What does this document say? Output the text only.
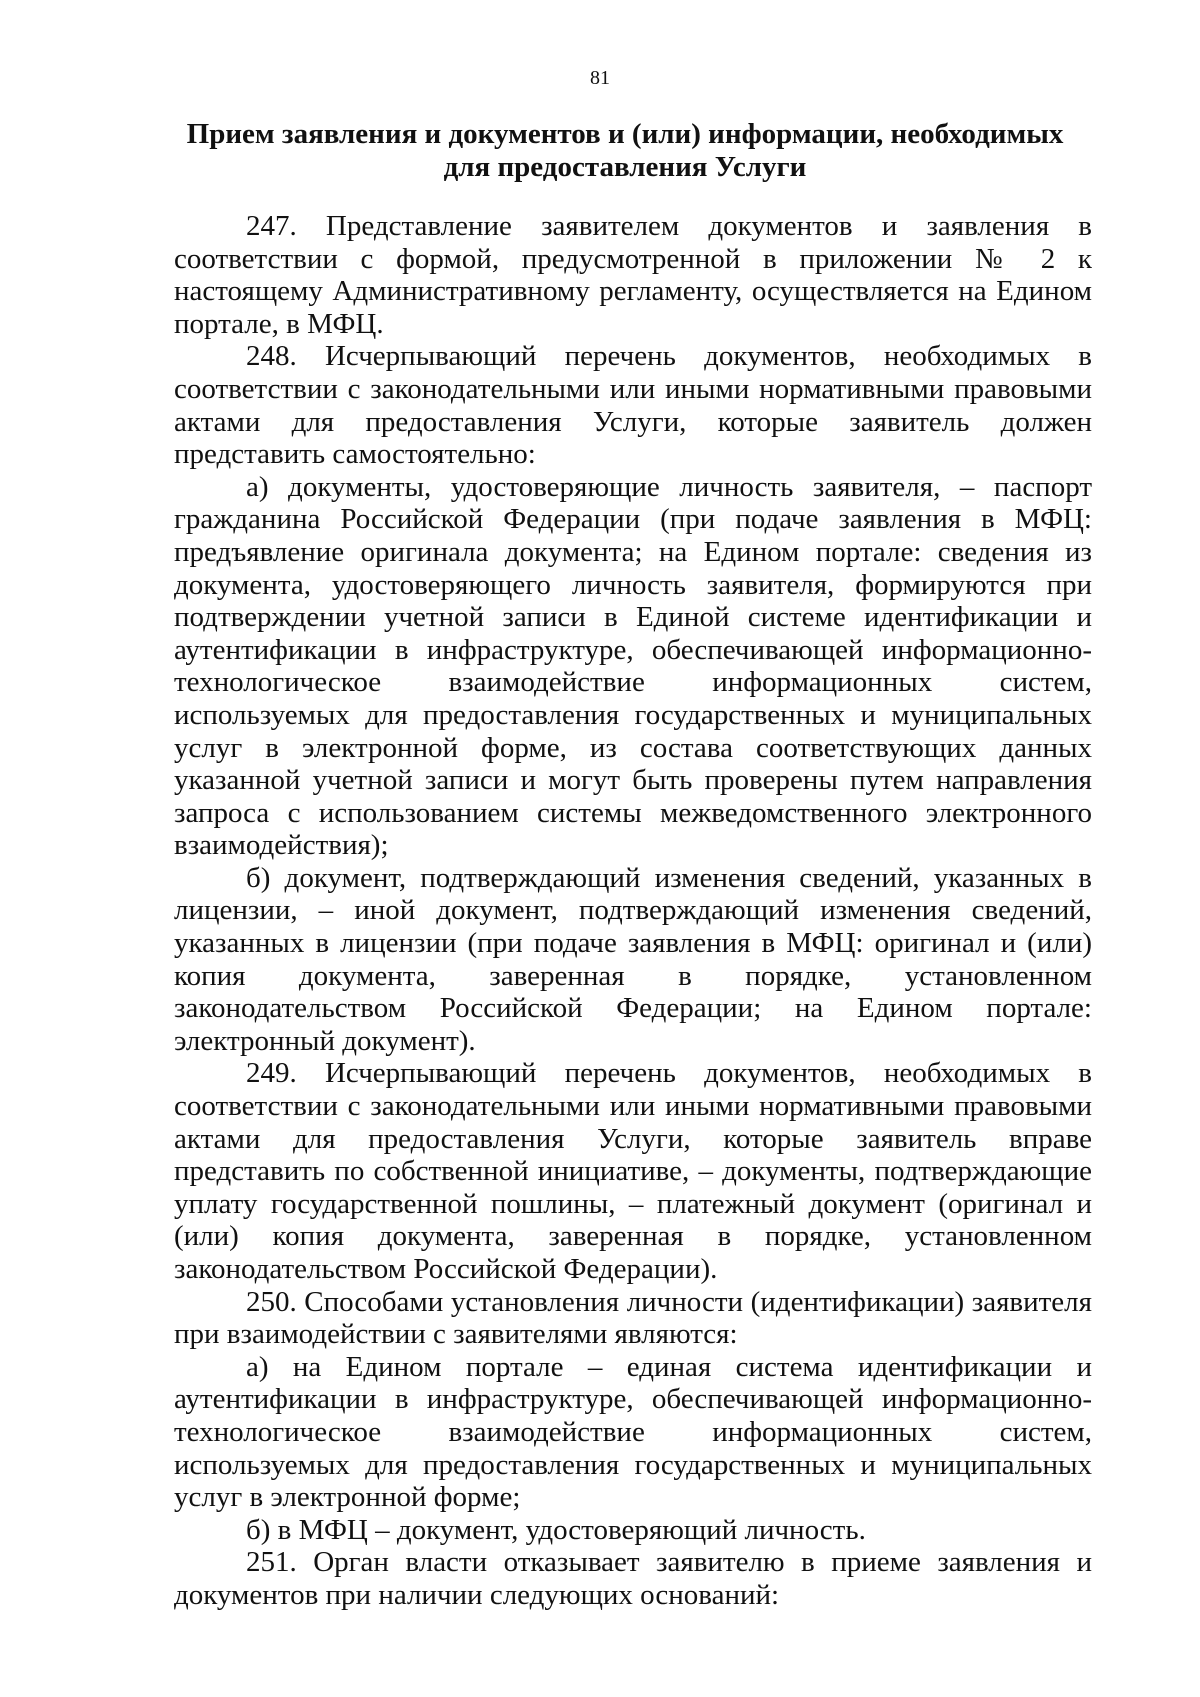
81
Прием заявления и документов и (или) информации, необходимых для предоставления Услуги

247. Представление заявителем документов и заявления в соответствии с формой, предусмотренной в приложении № 2 к настоящему Административному регламенту, осуществляется на Едином портале, в МФЦ.

248. Исчерпывающий перечень документов, необходимых в соответствии с законодательными или иными нормативными правовыми актами для предоставления Услуги, которые заявитель должен представить самостоятельно:

а) документы, удостоверяющие личность заявителя, – паспорт гражданина Российской Федерации (при подаче заявления в МФЦ: предъявление оригинала документа; на Едином портале: сведения из документа, удостоверяющего личность заявителя, формируются при подтверждении учетной записи в Единой системе идентификации и аутентификации в инфраструктуре, обеспечивающей информационно-технологическое взаимодействие информационных систем, используемых для предоставления государственных и муниципальных услуг в электронной форме, из состава соответствующих данных указанной учетной записи и могут быть проверены путем направления запроса с использованием системы межведомственного электронного взаимодействия);

б) документ, подтверждающий изменения сведений, указанных в лицензии, – иной документ, подтверждающий изменения сведений, указанных в лицензии (при подаче заявления в МФЦ: оригинал и (или) копия документа, заверенная в порядке, установленном законодательством Российской Федерации; на Едином портале: электронный документ).

249. Исчерпывающий перечень документов, необходимых в соответствии с законодательными или иными нормативными правовыми актами для предоставления Услуги, которые заявитель вправе представить по собственной инициативе, – документы, подтверждающие уплату государственной пошлины, – платежный документ (оригинал и (или) копия документа, заверенная в порядке, установленном законодательством Российской Федерации).

250. Способами установления личности (идентификации) заявителя при взаимодействии с заявителями являются:

а) на Едином портале – единая система идентификации и аутентификации в инфраструктуре, обеспечивающей информационно-технологическое взаимодействие информационных систем, используемых для предоставления государственных и муниципальных услуг в электронной форме;

б) в МФЦ – документ, удостоверяющий личность.

251. Орган власти отказывает заявителю в приеме заявления и документов при наличии следующих оснований:
